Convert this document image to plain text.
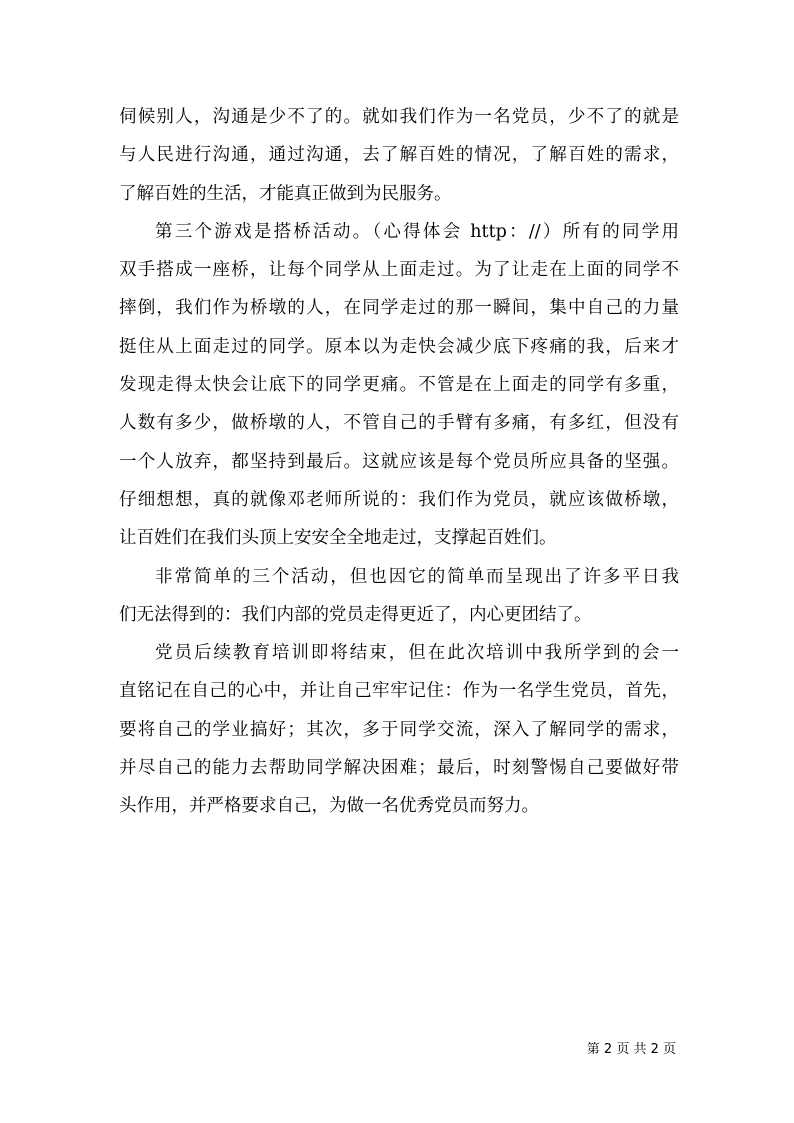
伺候别人，沟通是少不了的。就如我们作为一名党员，少不了的就是
与人民进行沟通，通过沟通，去了解百姓的情况，了解百姓的需求，
了解百姓的生活，才能真正做到为民服务。
第三个游戏是搭桥活动。（心得体会 http：//）所有的同学用
双手搭成一座桥，让每个同学从上面走过。为了让走在上面的同学不
摔倒，我们作为桥墩的人，在同学走过的那一瞬间，集中自己的力量
挺住从上面走过的同学。原本以为走快会减少底下疼痛的我，后来才
发现走得太快会让底下的同学更痛。不管是在上面走的同学有多重，
人数有多少，做桥墩的人，不管自己的手臂有多痛，有多红，但没有
一个人放弃，都坚持到最后。这就应该是每个党员所应具备的坚强。
仔细想想，真的就像邓老师所说的：我们作为党员，就应该做桥墩，
让百姓们在我们头顶上安安全全地走过，支撑起百姓们。
非常简单的三个活动，但也因它的简单而呈现出了许多平日我
们无法得到的：我们内部的党员走得更近了，内心更团结了。
党员后续教育培训即将结束，但在此次培训中我所学到的会一
直铭记在自己的心中，并让自己牢牢记住：作为一名学生党员，首先，
要将自己的学业搞好；其次，多于同学交流，深入了解同学的需求，
并尽自己的能力去帮助同学解决困难；最后，时刻警惕自己要做好带
头作用，并严格要求自己，为做一名优秀党员而努力。
第 2 页 共 2 页
